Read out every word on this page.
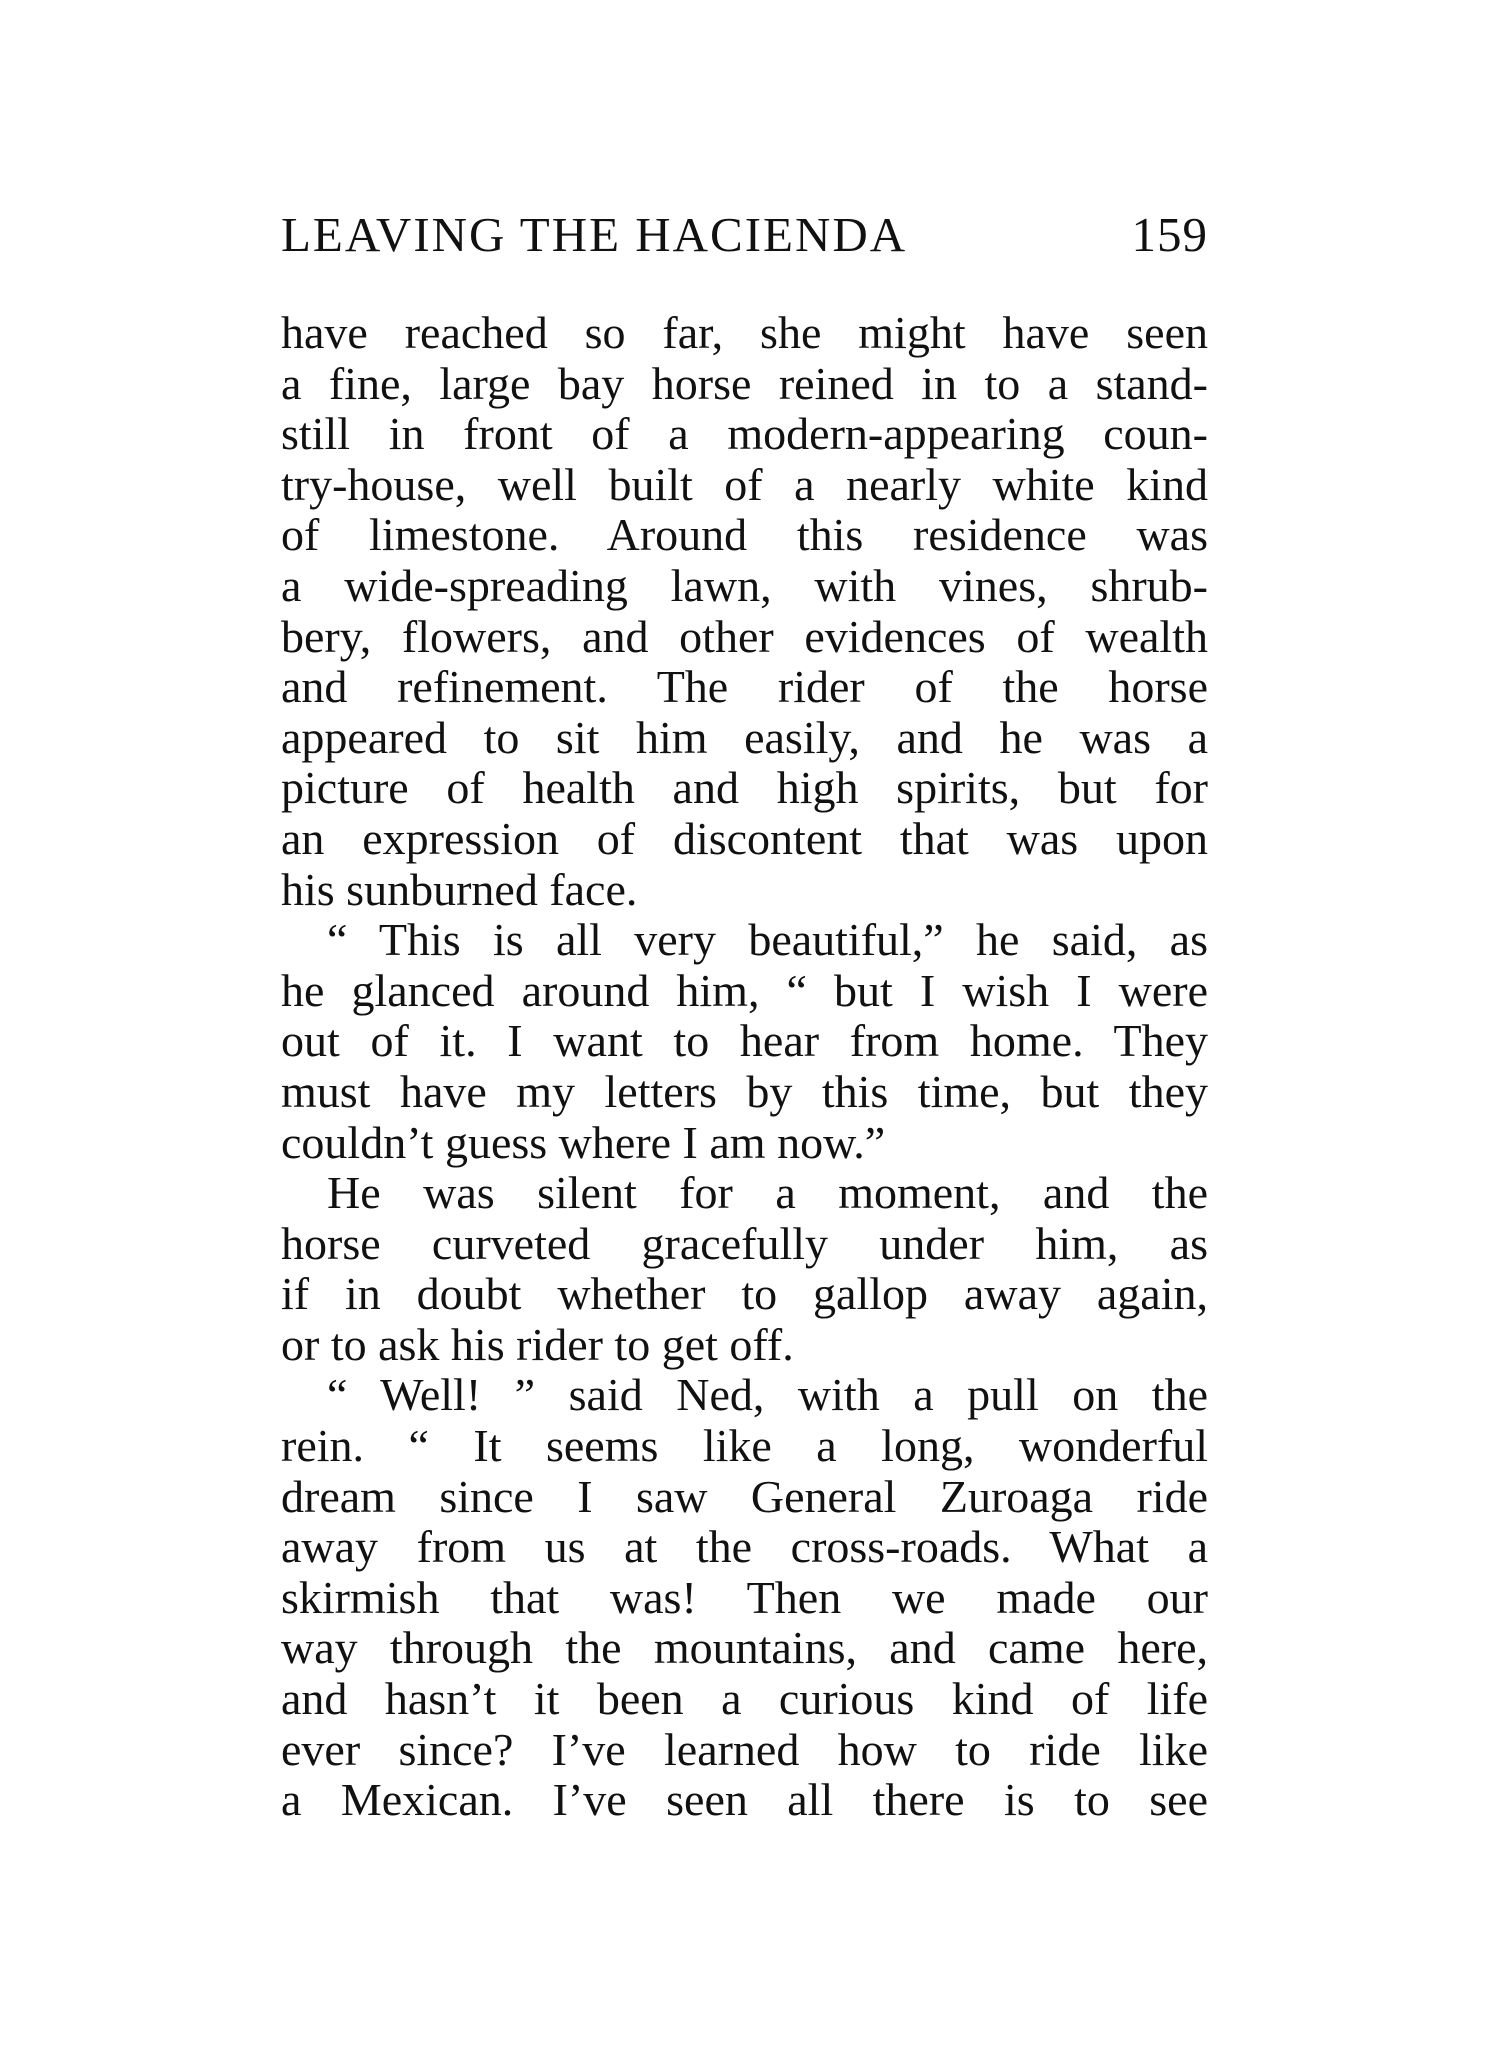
LEAVING THE HACIENDA	159
have reached so far, she might have seen
a fine, large bay horse reined in to a stand-
still in front of a modern-appearing coun-
try-house, well built of a nearly white kind
of limestone. Around this residence was
a wide-spreading lawn, with vines, shrub-
bery, flowers, and other evidences of wealth
and refinement. The rider of the horse
appeared to sit him easily, and he was a
picture of health and high spirits, but for
an expression of discontent that was upon
his sunburned face.
“ This is all very beautiful,” he said, as
he glanced around him, “ but I wish I were
out of it. I want to hear from home. They
must have my letters by this time, but they
couldn’t guess where I am now.”
He was silent for a moment, and the
horse curveted gracefully under him, as
if in doubt whether to gallop away again,
or to ask his rider to get off.
“ Well! ” said Ned, with a pull on the
rein. “ It seems like a long, wonderful
dream since I saw General Zuroaga ride
away from us at the cross-roads. What a
skirmish that was! Then we made our
way through the mountains, and came here,
and hasn’t it been a curious kind of life
ever since? I’ve learned how to ride like
a Mexican. I’ve seen all there is to see
